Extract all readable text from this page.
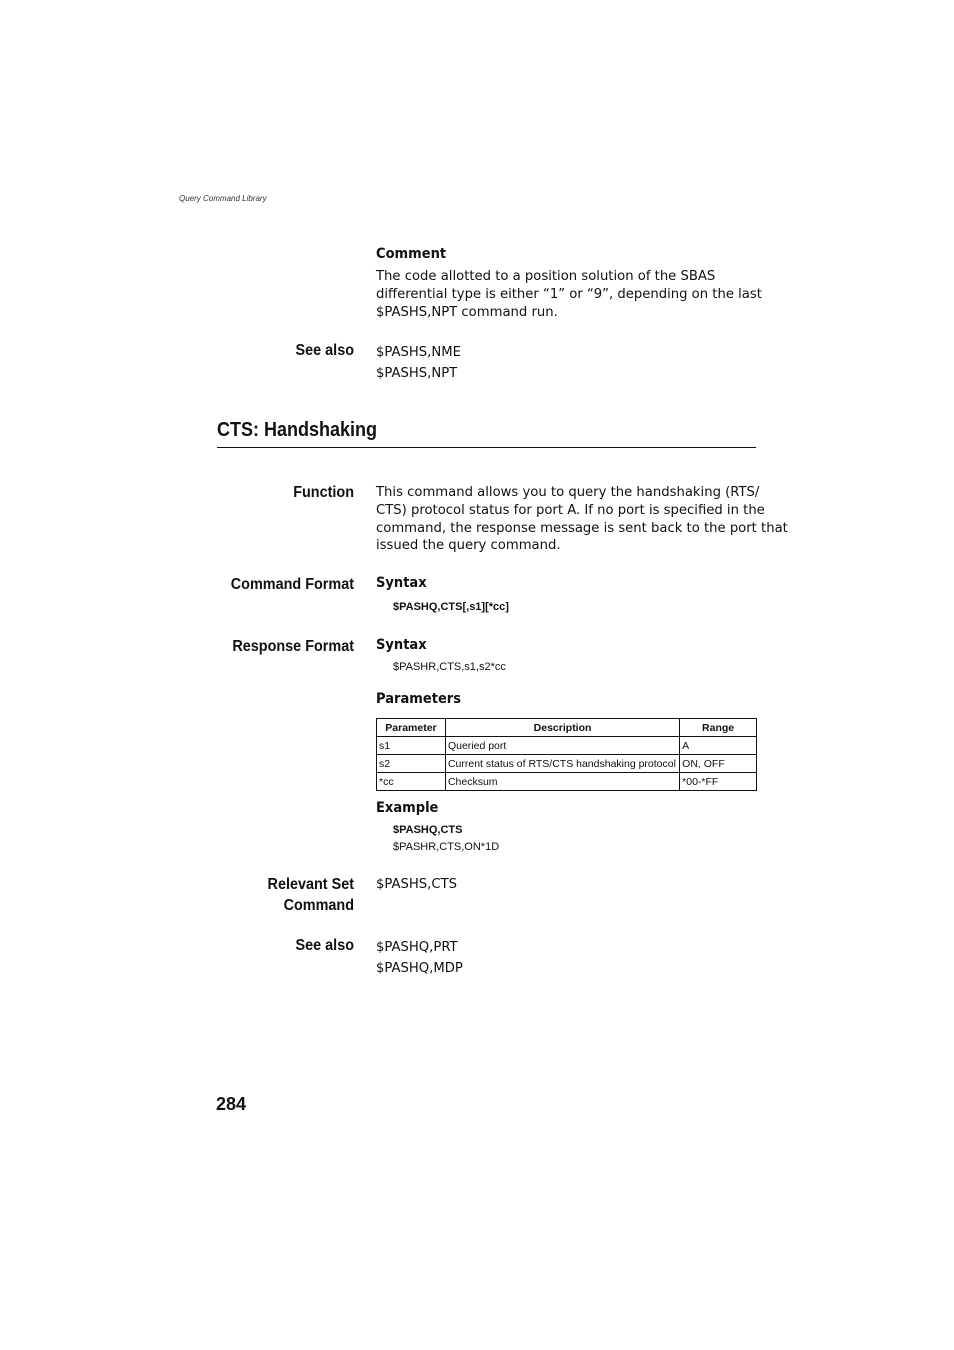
Query Command Library
Comment
The code allotted to a position solution of the SBAS
differential type is either “1” or “9”, depending on the last
$PASHS,NPT command run.
See also $PASHS,NME
$PASHS,NPT
CTS: Handshaking
Function This command allows you to query the handshaking (RTS/
CTS) protocol status for port A. If no port is specified in the
command, the response message is sent back to the port that
issued the query command.
Command Format Syntax
$PASHQ,CTS[,s1][*cc]
Response Format Syntax
$PASHR,CTS,s1,s2*cc
Parameters
Parameter	Description	Range
s1	Queried port	A
s2	Current status of RTS/CTS handshaking protocol	ON, OFF
*cc	Checksum	*00-*FF
Example
$PASHQ,CTS
$PASHR,CTS,ON*1D
Relevant Set
Command
$PASHS,CTS
See also $PASHQ,PRT
$PASHQ,MDP
284
